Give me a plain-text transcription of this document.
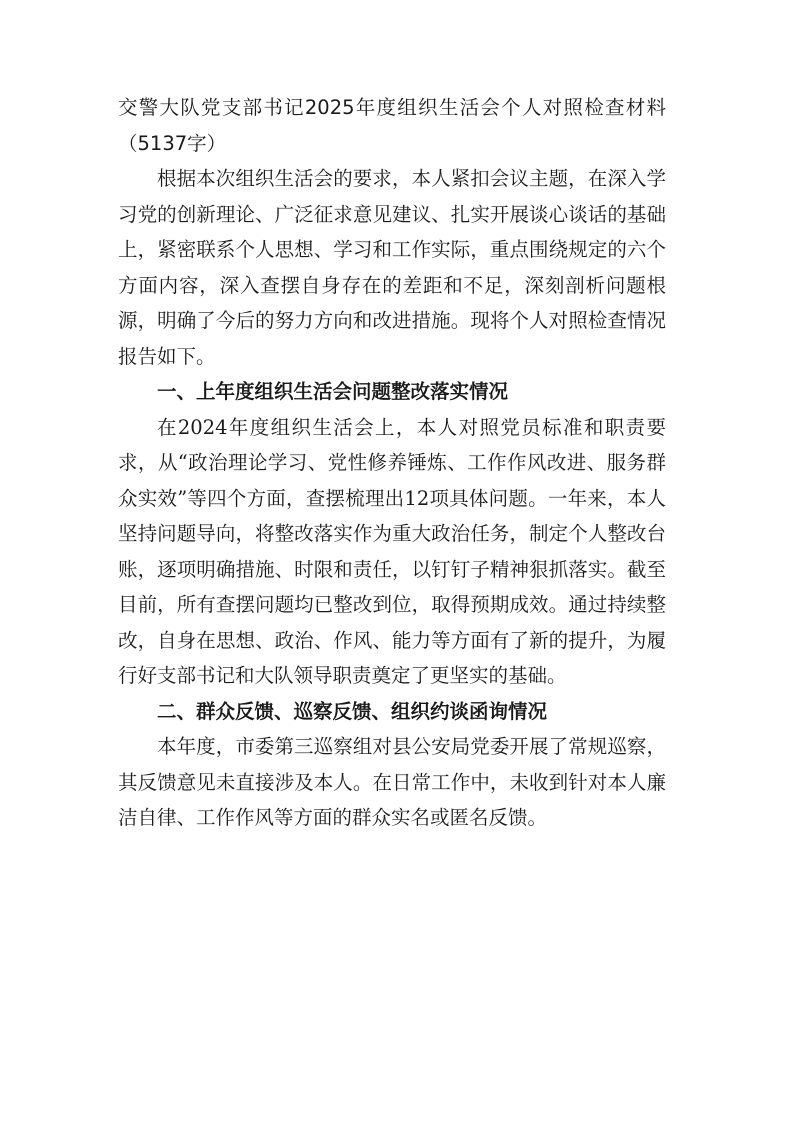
交警大队党支部书记2025年度组织生活会个人对照检查材料（5137字）

根据本次组织生活会的要求，本人紧扣会议主题，在深入学习党的创新理论、广泛征求意见建议、扎实开展谈心谈话的基础上，紧密联系个人思想、学习和工作实际，重点围绕规定的六个方面内容，深入查摆自身存在的差距和不足，深刻剖析问题根源，明确了今后的努力方向和改进措施。现将个人对照检查情况报告如下。

一、上年度组织生活会问题整改落实情况

在2024年度组织生活会上，本人对照党员标准和职责要求，从“政治理论学习、党性修养锤炼、工作作风改进、服务群众实效”等四个方面，查摆梳理出12项具体问题。一年来，本人坚持问题导向，将整改落实作为重大政治任务，制定个人整改台账，逐项明确措施、时限和责任，以钉钉子精神狠抓落实。截至目前，所有查摆问题均已整改到位，取得预期成效。通过持续整改，自身在思想、政治、作风、能力等方面有了新的提升，为履行好支部书记和大队领导职责奠定了更坚实的基础。

二、群众反馈、巡察反馈、组织约谈函询情况

本年度，市委第三巡察组对县公安局党委开展了常规巡察，其反馈意见未直接涉及本人。在日常工作中，未收到针对本人廉洁自律、工作作风等方面的群众实名或匿名反馈。
